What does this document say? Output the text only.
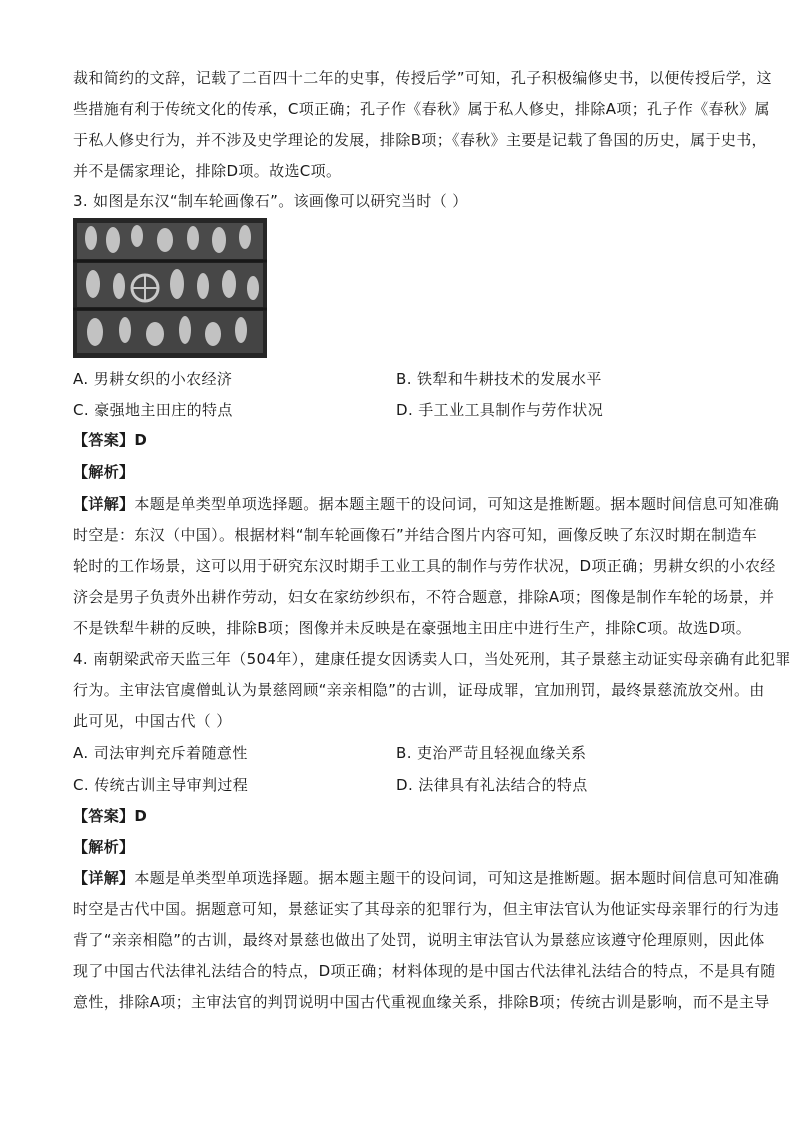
裁和简约的文辞，记载了二百四十二年的史事，传授后学”可知，孔子积极编修史书，以便传授后学，这
些措施有利于传统文化的传承，C项正确；孔子作《春秋》属于私人修史，排除A项；孔子作《春秋》属
于私人修史行为，并不涉及史学理论的发展，排除B项；《春秋》主要是记载了鲁国的历史，属于史书，
并不是儒家理论，排除D项。故选C项。
3. 如图是东汉“制车轮画像石”。该画像可以研究当时（ ）
A. 男耕女织的小农经济	B. 铁犁和牛耕技术的发展水平
C. 豪强地主田庄的特点	D. 手工业工具制作与劳作状况
【答案】D
【解析】
【详解】本题是单类型单项选择题。据本题主题干的设问词，可知这是推断题。据本题时间信息可知准确
时空是：东汉（中国）。根据材料“制车轮画像石”并结合图片内容可知，画像反映了东汉时期在制造车
轮时的工作场景，这可以用于研究东汉时期手工业工具的制作与劳作状况，D项正确；男耕女织的小农经
济会是男子负责外出耕作劳动，妇女在家纺纱织布，不符合题意，排除A项；图像是制作车轮的场景，并
不是铁犁牛耕的反映，排除B项；图像并未反映是在豪强地主田庄中进行生产，排除C项。故选D项。
4. 南朝梁武帝天监三年（504年），建康任提女因诱卖人口，当处死刑，其子景慈主动证实母亲确有此犯罪
行为。主审法官虞僧虬认为景慈罔顾“亲亲相隐”的古训，证母成罪，宜加刑罚，最终景慈流放交州。由
此可见，中国古代（ ）
A. 司法审判充斥着随意性	B. 吏治严苛且轻视血缘关系
C. 传统古训主导审判过程	D. 法律具有礼法结合的特点
【答案】D
【解析】
【详解】本题是单类型单项选择题。据本题主题干的设问词，可知这是推断题。据本题时间信息可知准确
时空是古代中国。据题意可知，景慈证实了其母亲的犯罪行为，但主审法官认为他证实母亲罪行的行为违
背了“亲亲相隐”的古训，最终对景慈也做出了处罚，说明主审法官认为景慈应该遵守伦理原则，因此体
现了中国古代法律礼法结合的特点，D项正确；材料体现的是中国古代法律礼法结合的特点，不是具有随
意性，排除A项；主审法官的判罚说明中国古代重视血缘关系，排除B项；传统古训是影响，而不是主导
